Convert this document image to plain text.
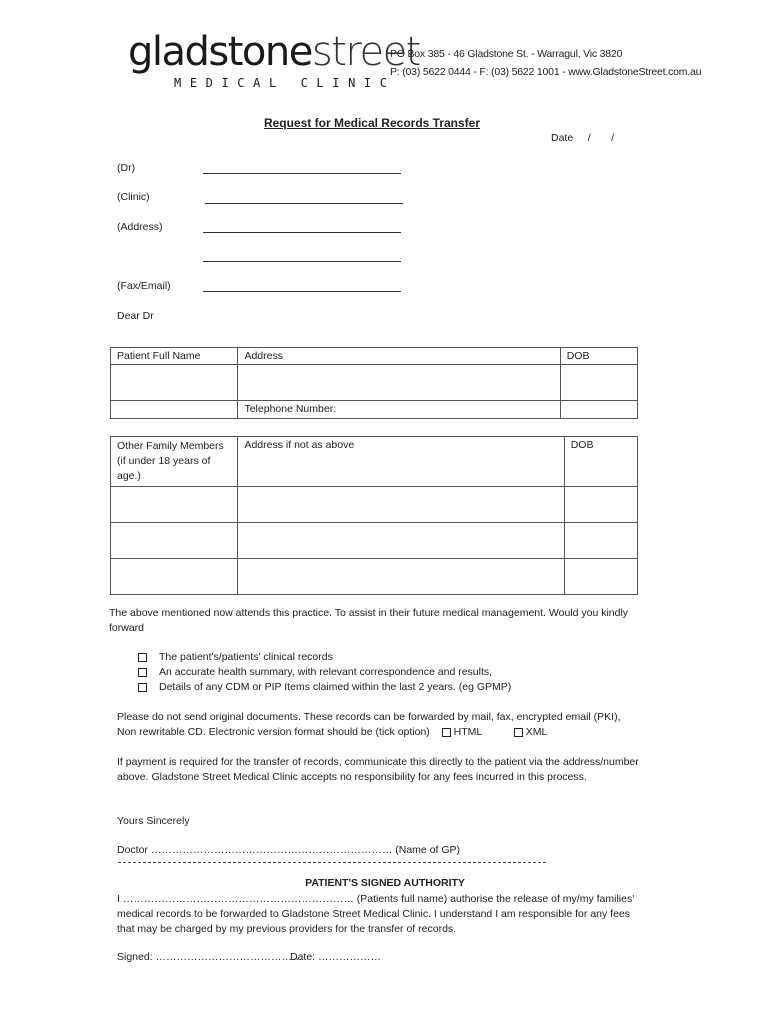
gladstonestreet
MEDICAL CLINIC
PO Box 385 - 46 Gladstone St. - Warragul, Vic 3820
P: (03) 5622 0444 - F: (03) 5622 1001 - www.GladstoneStreet.com.au
Request for Medical Records Transfer
Date     /       /
(Dr)
(Clinic)
(Address)
(Fax/Email)
Dear Dr
Patient Full Name	Address	DOB

	Telephone Number:	
Other Family Members (if under 18 years of age.)	Address if not as above	DOB

The above mentioned now attends this practice. To assist in their future medical management. Would you kindly forward
The patient's/patients' clinical records
An accurate health summary, with relevant correspondence and results,
Details of any CDM or PIP Items claimed within the last 2 years. (eg GPMP)
Please do not send original documents. These records can be forwarded by mail, fax, encrypted email (PKI),
Non rewritable CD. Electronic version format should be (tick option) HTML	XML
If payment is required for the transfer of records, communicate this directly to the patient via the address/number above. Gladstone Street Medical Clinic accepts no responsibility for any fees incurred in this process.
Yours Sincerely
Doctor …………………………………………………………… (Name of GP)
PATIENT'S SIGNED AUTHORITY
I ………………………………………………………… (Patients full name) authorise the release of my/my families' medical records to be forwarded to Gladstone Street Medical Clinic. I understand I am responsible for any fees that may be charged by my previous providers for the transfer of records.
Signed: ……………………………………
Date: ………………
